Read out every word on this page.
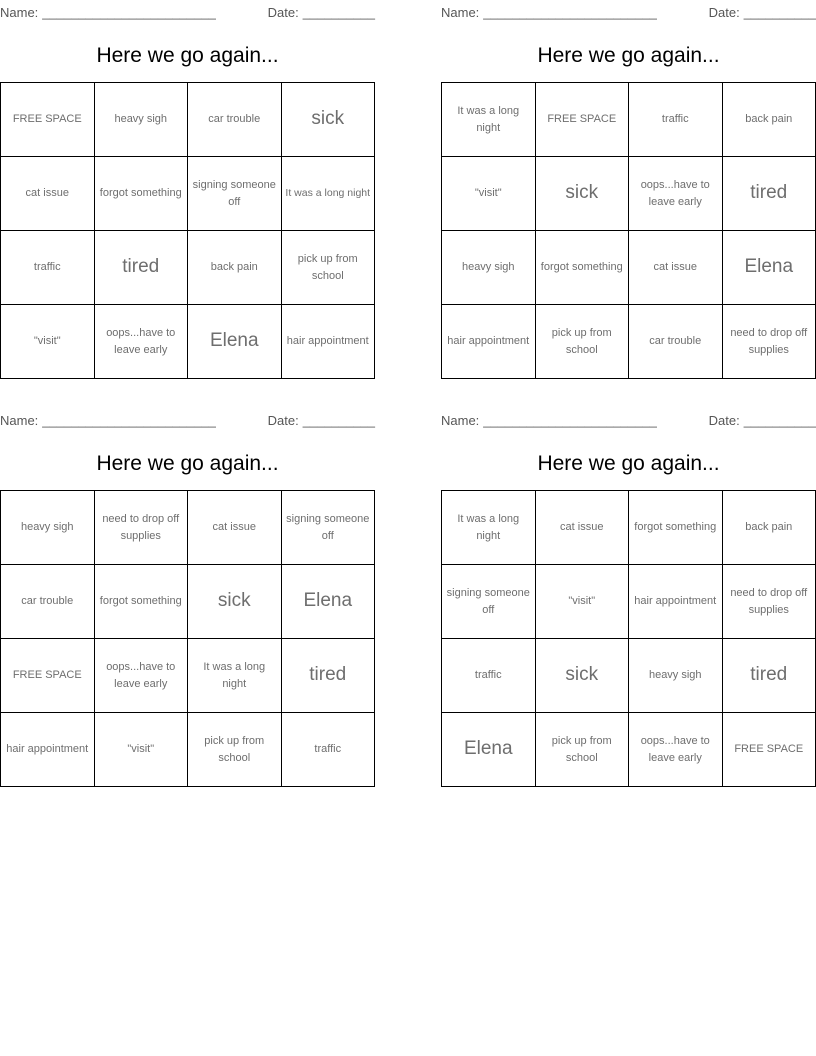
Name: ________________________	Date: __________
Here we go again...
FREE SPACE	heavy sigh	car trouble	sick
cat issue	forgot something	signing someone off	It was a long night
traffic	tired	back pain	pick up from school
"visit"	oops...have to leave early	Elena	hair appointment
Name: ________________________	Date: __________
Here we go again...
It was a long night	FREE SPACE	traffic	back pain
"visit"	sick	oops...have to leave early	tired
heavy sigh	forgot something	cat issue	Elena
hair appointment	pick up from school	car trouble	need to drop off supplies
Name: ________________________	Date: __________
Here we go again...
heavy sigh	need to drop off supplies	cat issue	signing someone off
car trouble	forgot something	sick	Elena
FREE SPACE	oops...have to leave early	It was a long night	tired
hair appointment	"visit"	pick up from school	traffic
Name: ________________________	Date: __________
Here we go again...
It was a long night	cat issue	forgot something	back pain
signing someone off	"visit"	hair appointment	need to drop off supplies
traffic	sick	heavy sigh	tired
Elena	pick up from school	oops...have to leave early	FREE SPACE
